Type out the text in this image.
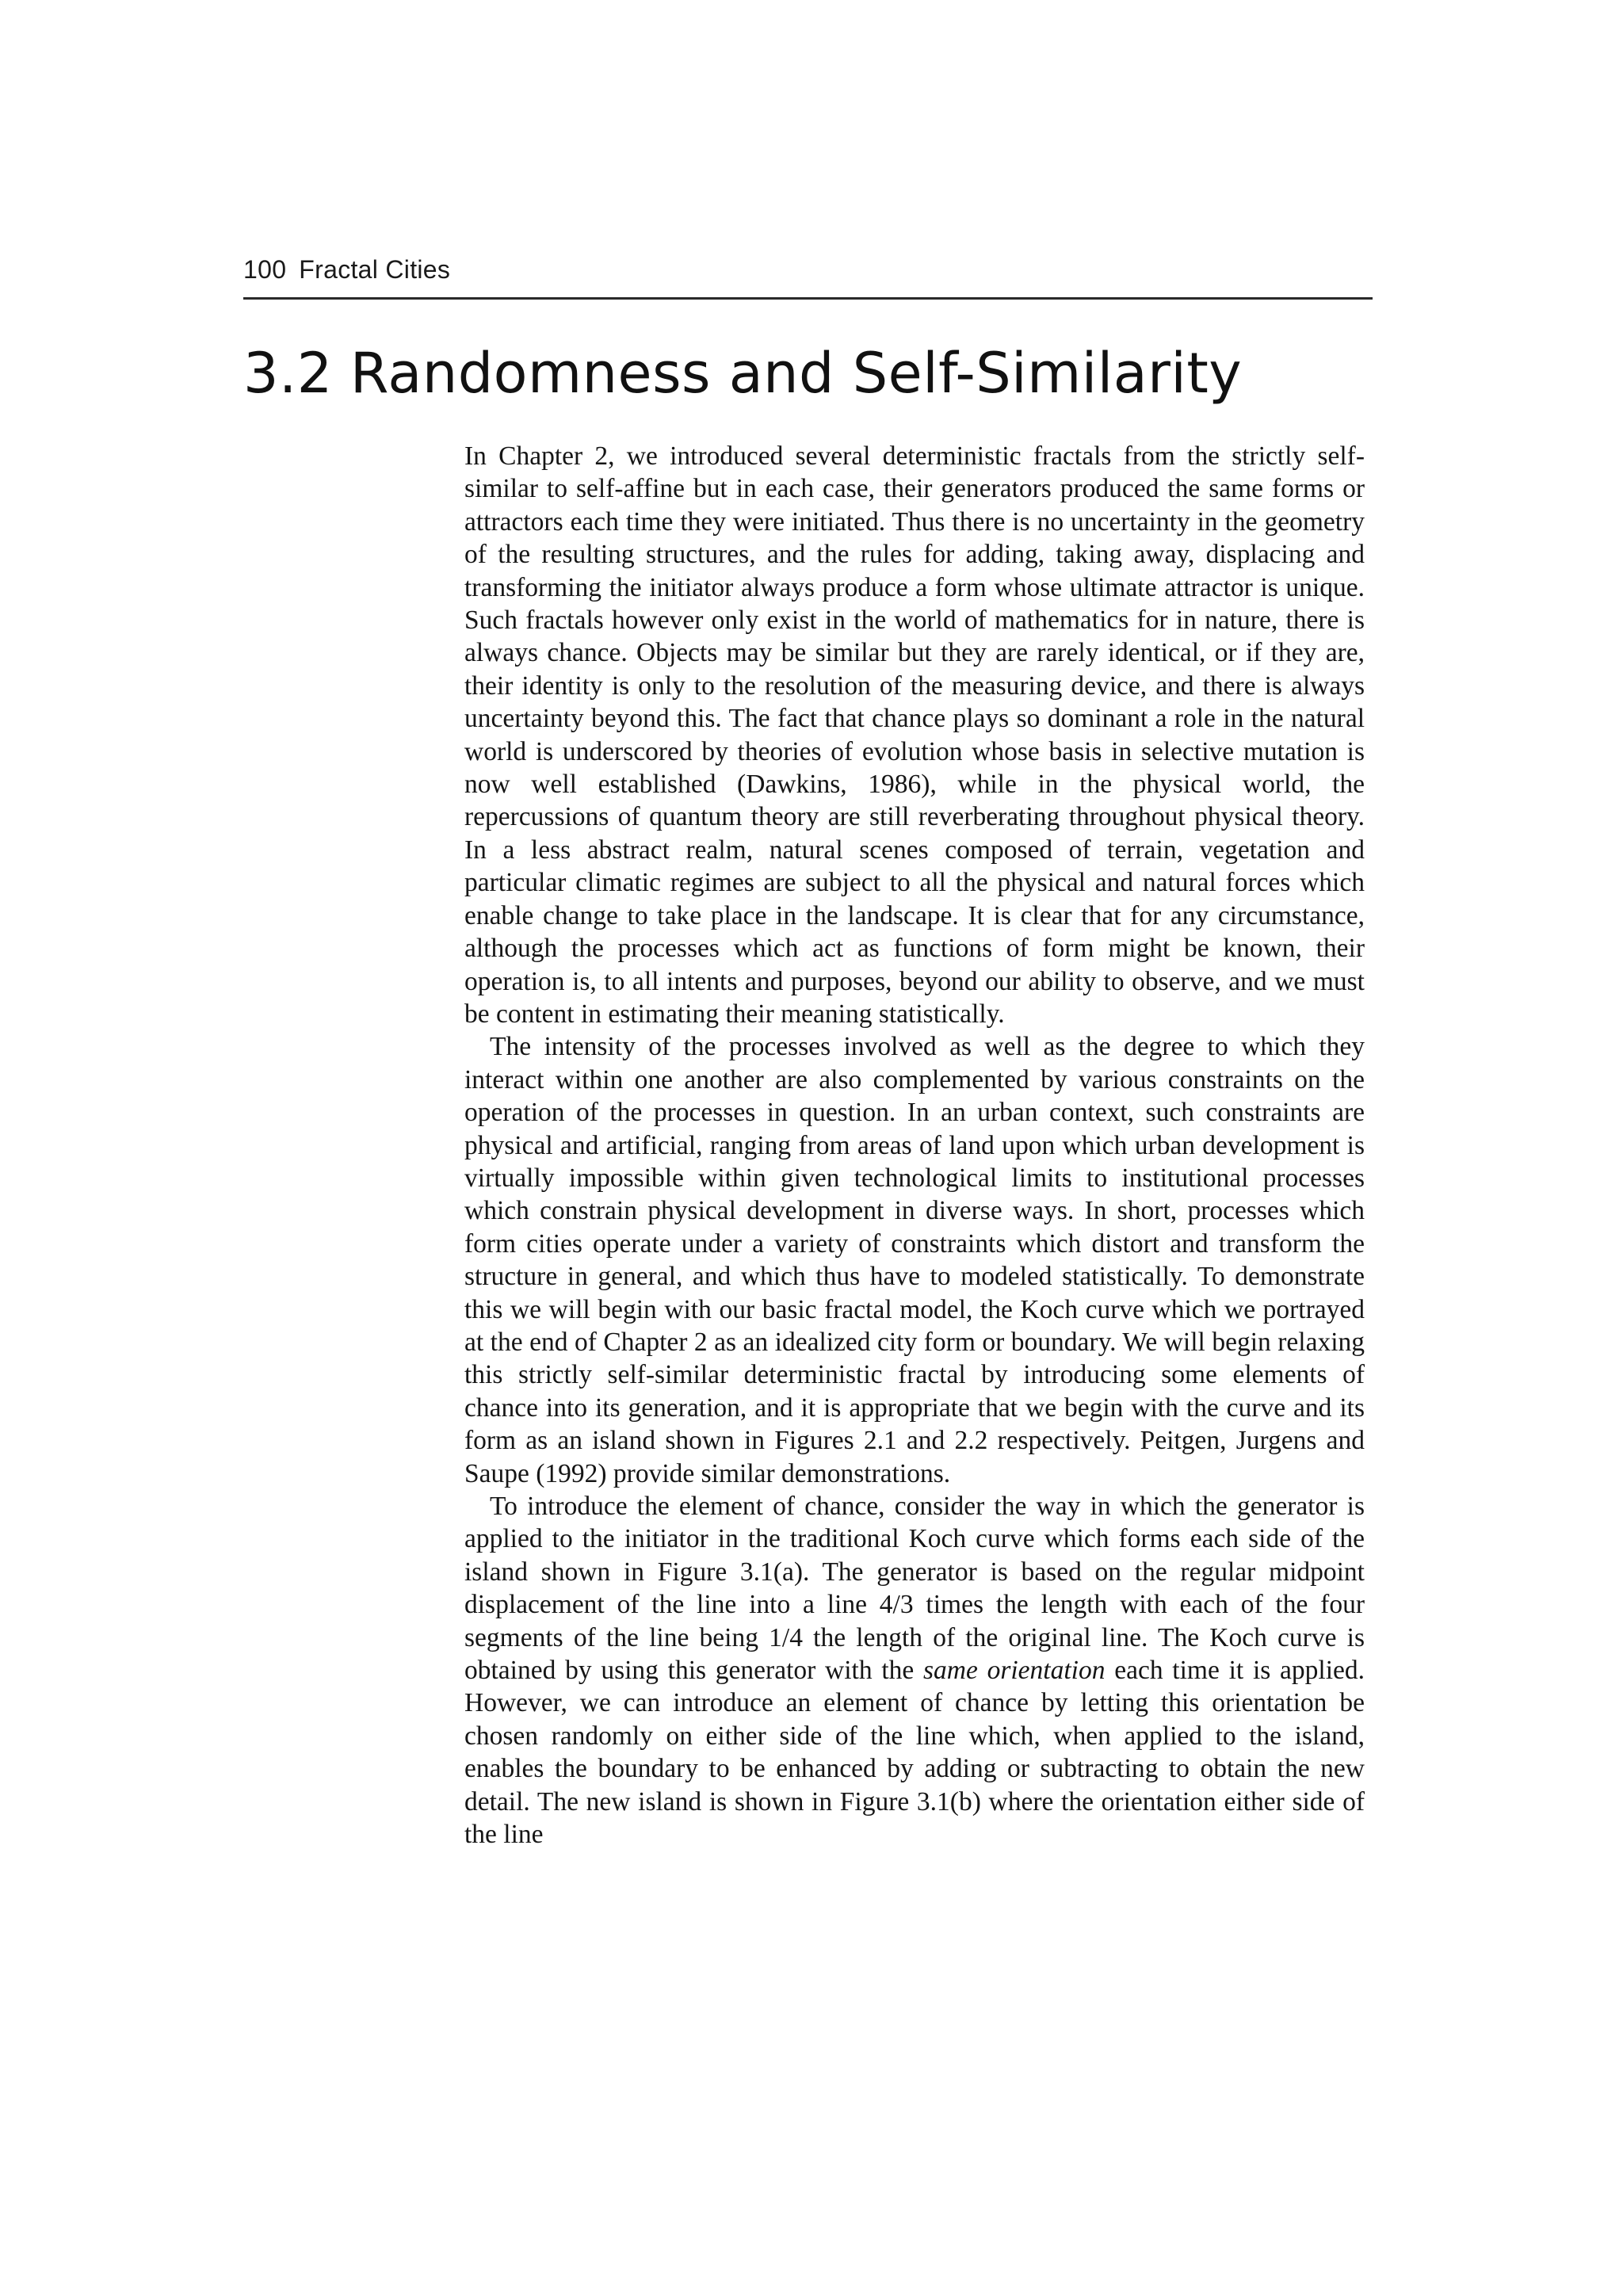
100 Fractal Cities
3.2 Randomness and Self-Similarity

In Chapter 2, we introduced several deterministic fractals from the strictly self-similar to self-affine but in each case, their generators produced the same forms or attractors each time they were initiated. Thus there is no uncertainty in the geometry of the resulting structures, and the rules for adding, taking away, displacing and transforming the initiator always produce a form whose ultimate attractor is unique. Such fractals however only exist in the world of mathematics for in nature, there is always chance. Objects may be similar but they are rarely identical, or if they are, their identity is only to the resolution of the measuring device, and there is always uncertainty beyond this. The fact that chance plays so dominant a role in the natural world is underscored by theories of evolution whose basis in selective mutation is now well established (Dawkins, 1986), while in the physical world, the repercussions of quantum theory are still reverberating throughout physical theory. In a less abstract realm, natural scenes composed of terrain, vegetation and particular climatic regimes are subject to all the physical and natural forces which enable change to take place in the landscape. It is clear that for any circumstance, although the processes which act as functions of form might be known, their operation is, to all intents and purposes, beyond our ability to observe, and we must be content in estimating their meaning statistically.

The intensity of the processes involved as well as the degree to which they interact within one another are also complemented by various constraints on the operation of the processes in question. In an urban context, such constraints are physical and artificial, ranging from areas of land upon which urban development is virtually impossible within given technological limits to institutional processes which constrain physical development in diverse ways. In short, processes which form cities operate under a variety of constraints which distort and transform the structure in general, and which thus have to modeled statistically. To demonstrate this we will begin with our basic fractal model, the Koch curve which we portrayed at the end of Chapter 2 as an idealized city form or boundary. We will begin relaxing this strictly self-similar deterministic fractal by introducing some elements of chance into its generation, and it is appropriate that we begin with the curve and its form as an island shown in Figures 2.1 and 2.2 respectively. Peitgen, Jurgens and Saupe (1992) provide similar demonstrations.

To introduce the element of chance, consider the way in which the generator is applied to the initiator in the traditional Koch curve which forms each side of the island shown in Figure 3.1(a). The generator is based on the regular midpoint displacement of the line into a line 4/3 times the length with each of the four segments of the line being 1/4 the length of the original line. The Koch curve is obtained by using this generator with the same orientation each time it is applied. However, we can introduce an element of chance by letting this orientation be chosen randomly on either side of the line which, when applied to the island, enables the boundary to be enhanced by adding or subtracting to obtain the new detail. The new island is shown in Figure 3.1(b) where the orientation either side of the line
